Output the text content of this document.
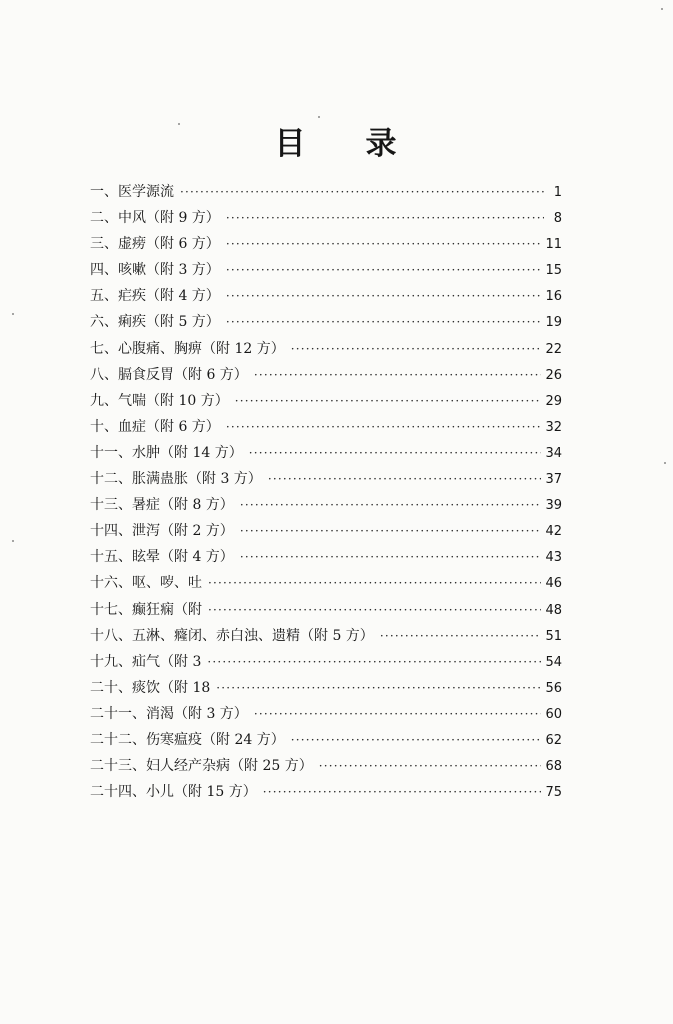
目 录
一、医学源流 ·····	1
二、中风（附 9 方） ·····	8
三、虚痨（附 6 方） ·····	11
四、咳嗽（附 3 方） ·····	15
五、疟疾（附 4 方） ·····	16
六、痢疾（附 5 方） ·····	19
七、心腹痛、胸痹（附 12 方） ·····	22
八、膈食反胃（附 6 方） ·····	26
九、气喘（附 10 方） ·····	29
十、血症（附 6 方） ·····	32
十一、水肿（附 14 方） ·····	34
十二、胀满蛊胀（附 3 方） ·····	37
十三、暑症（附 8 方） ·····	39
十四、泄泻（附 2 方） ·····	42
十五、眩晕（附 4 方） ·····	43
十六、呕、哕、吐 ·····	46
十七、癫狂痫（附 ·····	48
十八、五淋、癃闭、赤白浊、遗精（附 5 方） ·····	51
十九、疝气（附 3 ·····	54
二十、痰饮（附 18 ·····	56
二十一、消渴（附 3 方） ·····	60
二十二、伤寒瘟疫（附 24 方） ·····	62
二十三、妇人经产杂病（附 25 方） ·····	68
二十四、小儿（附 15 方） ·····	75
